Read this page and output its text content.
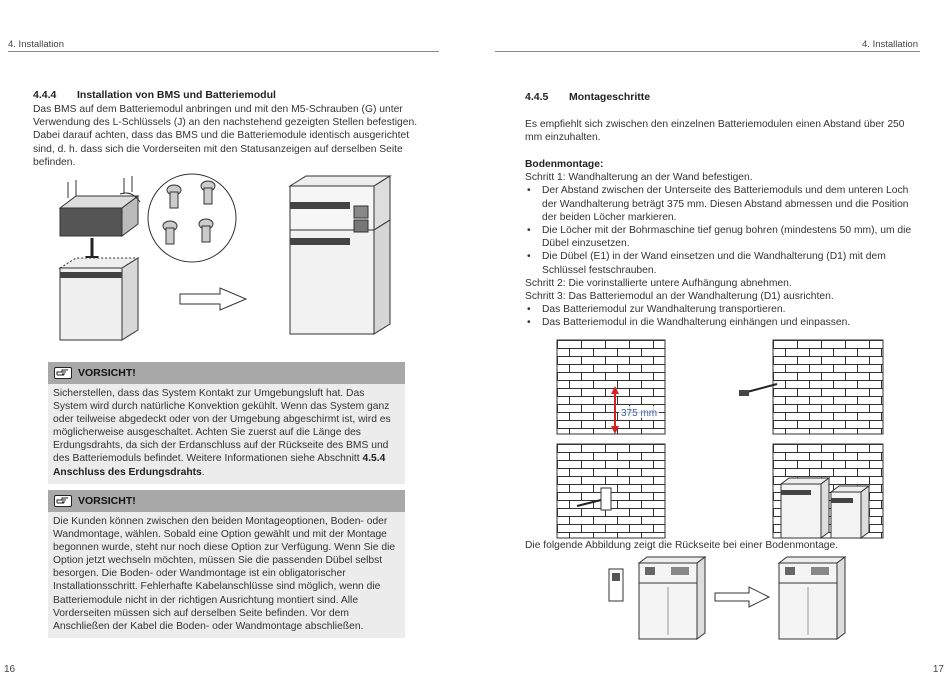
4. Installation
4.4.4 Installation von BMS und Batteriemodul
Das BMS auf dem Batteriemodul anbringen und mit den M5-Schrauben (G) unter Verwendung des L-Schlüssels (J) an den nachstehend gezeigten Stellen befestigen. Dabei darauf achten, dass das BMS und die Batteriemodule identisch ausgerichtet sind, d. h. dass sich die Vorderseiten mit den Statusanzeigen auf derselben Seite befinden.
VORSICHT!
Sicherstellen, dass das System Kontakt zur Umgebungsluft hat. Das System wird durch natürliche Konvektion gekühlt. Wenn das System ganz oder teilweise abgedeckt oder von der Umgebung abgeschirmt ist, wird es möglicherweise ausgeschaltet. Achten Sie zuerst auf die Länge des Erdungsdrahts, da sich der Erdanschluss auf der Rückseite des BMS und des Batteriemoduls befindet. Weitere Informationen siehe Abschnitt 4.5.4 Anschluss des Erdungsdrahts.
VORSICHT!
Die Kunden können zwischen den beiden Montageoptionen, Boden- oder Wandmontage, wählen. Sobald eine Option gewählt und mit der Montage begonnen wurde, steht nur noch diese Option zur Verfügung. Wenn Sie die Option jetzt wechseln möchten, müssen Sie die passenden Dübel selbst besorgen. Die Boden- oder Wandmontage ist ein obligatorischer Installationsschritt. Fehlerhafte Kabelanschlüsse sind möglich, wenn die Batteriemodule nicht in der richtigen Ausrichtung montiert sind. Alle Vorderseiten müssen sich auf derselben Seite befinden. Vor dem Anschließen der Kabel die Boden- oder Wandmontage abschließen.
16
4. Installation
4.4.5 Montageschritte
Es empfiehlt sich zwischen den einzelnen Batteriemodulen einen Abstand über 250 mm einzuhalten.
Bodenmontage:
Schritt 1: Wandhalterung an der Wand befestigen.
• Der Abstand zwischen der Unterseite des Batteriemoduls und dem unteren Loch der Wandhalterung beträgt 375 mm. Diesen Abstand abmessen und die Position der beiden Löcher markieren.
• Die Löcher mit der Bohrmaschine tief genug bohren (mindestens 50 mm), um die Dübel einzusetzen.
• Die Dübel (E1) in der Wand einsetzen und die Wandhalterung (D1) mit dem Schlüssel festschrauben.
Schritt 2: Die vorinstallierte untere Aufhängung abnehmen.
Schritt 3: Das Batteriemodul an der Wandhalterung (D1) ausrichten.
• Das Batteriemodul zur Wandhalterung transportieren.
• Das Batteriemodul in die Wandhalterung einhängen und einpassen.
375 mm
Die folgende Abbildung zeigt die Rückseite bei einer Bodenmontage.
17
